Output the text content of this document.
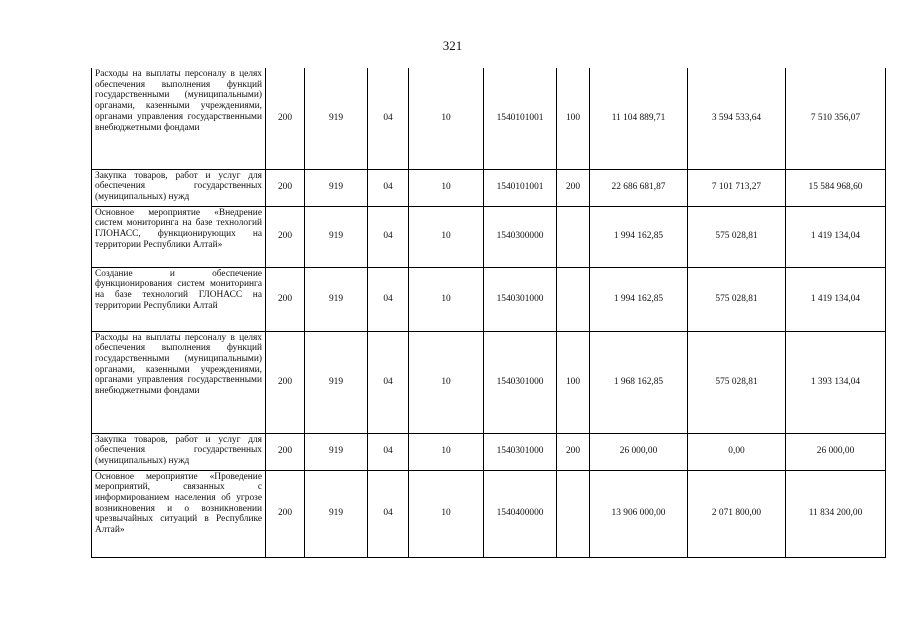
321
Расходы на выплаты персоналу в целях обеспечения выполнения функций государственными (муниципальными) органами, казенными учреждениями, органами управления государственными внебюджетными фондами	200	919	04	10	1540101001	100	11 104 889,71	3 594 533,64	7 510 356,07
Закупка товаров, работ и услуг для обеспечения государственных (муниципальных) нужд	200	919	04	10	1540101001	200	22 686 681,87	7 101 713,27	15 584 968,60
Основное мероприятие «Внедрение систем мониторинга на базе технологий ГЛОНАСС, функционирующих на территории Республики Алтай»	200	919	04	10	1540300000		1 994 162,85	575 028,81	1 419 134,04
Создание и обеспечение функционирования систем мониторинга на базе технологий ГЛОНАСС на территории Республики Алтай	200	919	04	10	1540301000		1 994 162,85	575 028,81	1 419 134,04
Расходы на выплаты персоналу в целях обеспечения выполнения функций государственными (муниципальными) органами, казенными учреждениями, органами управления государственными внебюджетными фондами	200	919	04	10	1540301000	100	1 968 162,85	575 028,81	1 393 134,04
Закупка товаров, работ и услуг для обеспечения государственных (муниципальных) нужд	200	919	04	10	1540301000	200	26 000,00	0,00	26 000,00
Основное мероприятие «Проведение мероприятий, связанных с информированием населения об угрозе возникновения и о возникновении чрезвычайных ситуаций в Республике Алтай»	200	919	04	10	1540400000		13 906 000,00	2 071 800,00	11 834 200,00
